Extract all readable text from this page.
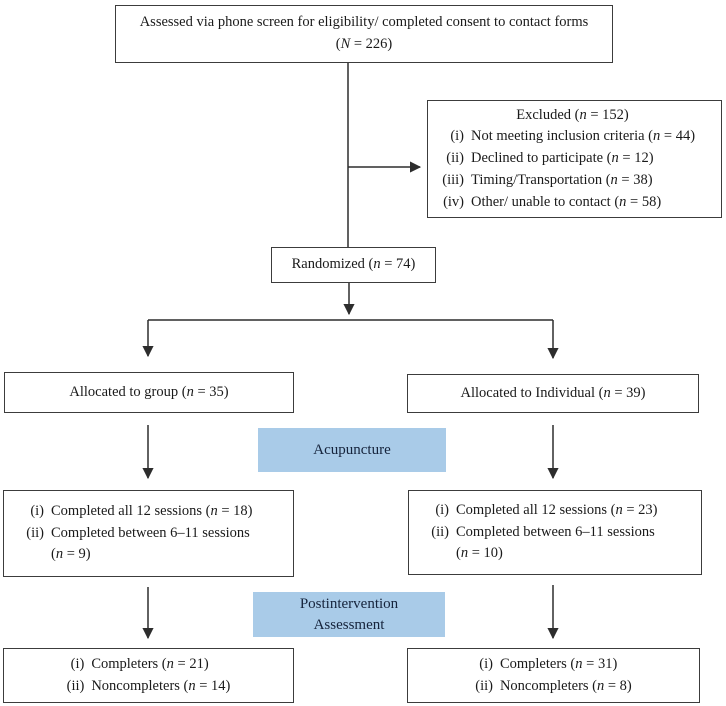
Assessed via phone screen for eligibility/ completed consent to contact forms
(N = 226)
Excluded (n = 152)
(i) Not meeting inclusion criteria (n = 44)
(ii) Declined to participate (n = 12)
(iii) Timing/Transportation (n = 38)
(iv) Other/ unable to contact (n = 58)
Randomized (n = 74)
Allocated to group (n = 35)	Allocated to Individual (n = 39)
Acupuncture
(i) Completed all 12 sessions (n = 18)
(ii) Completed between 6–11 sessions
(n = 9)
(i) Completed all 12 sessions (n = 23)
(ii) Completed between 6–11 sessions
(n = 10)
Postintervention
Assessment
(i) Completers (n = 21)
(ii) Noncompleters (n = 14)
(i) Completers (n = 31)
(ii) Noncompleters (n = 8)
